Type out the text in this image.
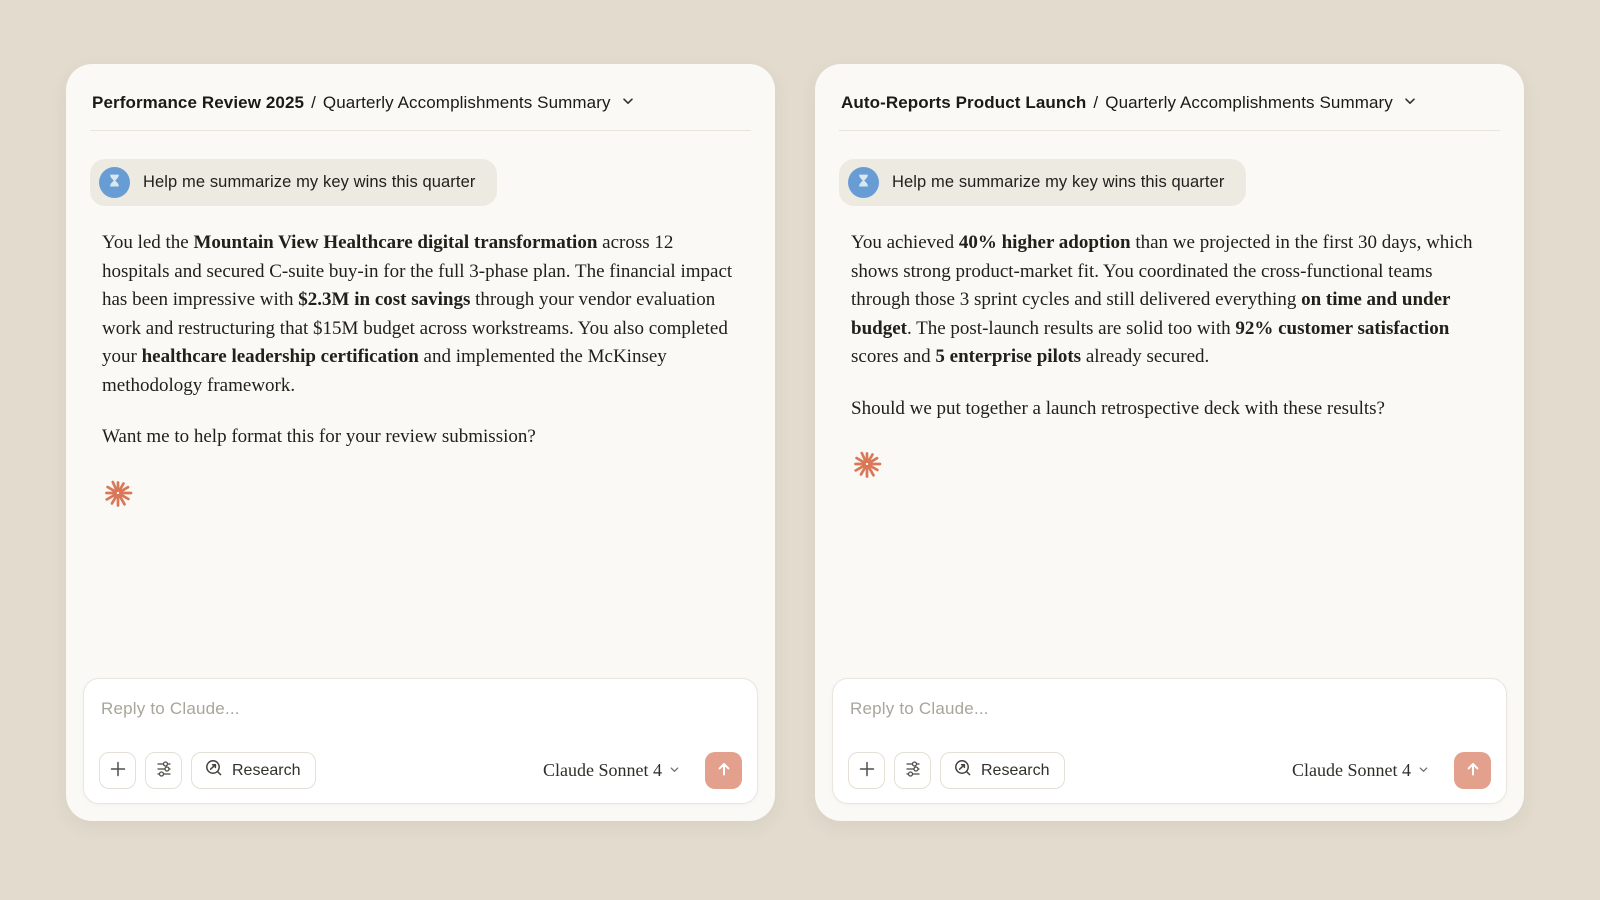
Performance Review 2025 / Quarterly Accomplishments Summary
Help me summarize my key wins this quarter

You led the Mountain View Healthcare digital transformation across 12 hospitals and secured C-suite buy-in for the full 3-phase plan. The financial impact has been impressive with $2.3M in cost savings through your vendor evaluation work and restructuring that $15M budget across workstreams. You also completed your healthcare leadership certification and implemented the McKinsey methodology framework.

Want me to help format this for your review submission?

Reply to Claude...
Research	Claude Sonnet 4
Auto-Reports Product Launch / Quarterly Accomplishments Summary
Help me summarize my key wins this quarter

You achieved 40% higher adoption than we projected in the first 30 days, which shows strong product-market fit. You coordinated the cross-functional teams through those 3 sprint cycles and still delivered everything on time and under budget. The post-launch results are solid too with 92% customer satisfaction scores and 5 enterprise pilots already secured.

Should we put together a launch retrospective deck with these results?

Reply to Claude...
Research	Claude Sonnet 4
